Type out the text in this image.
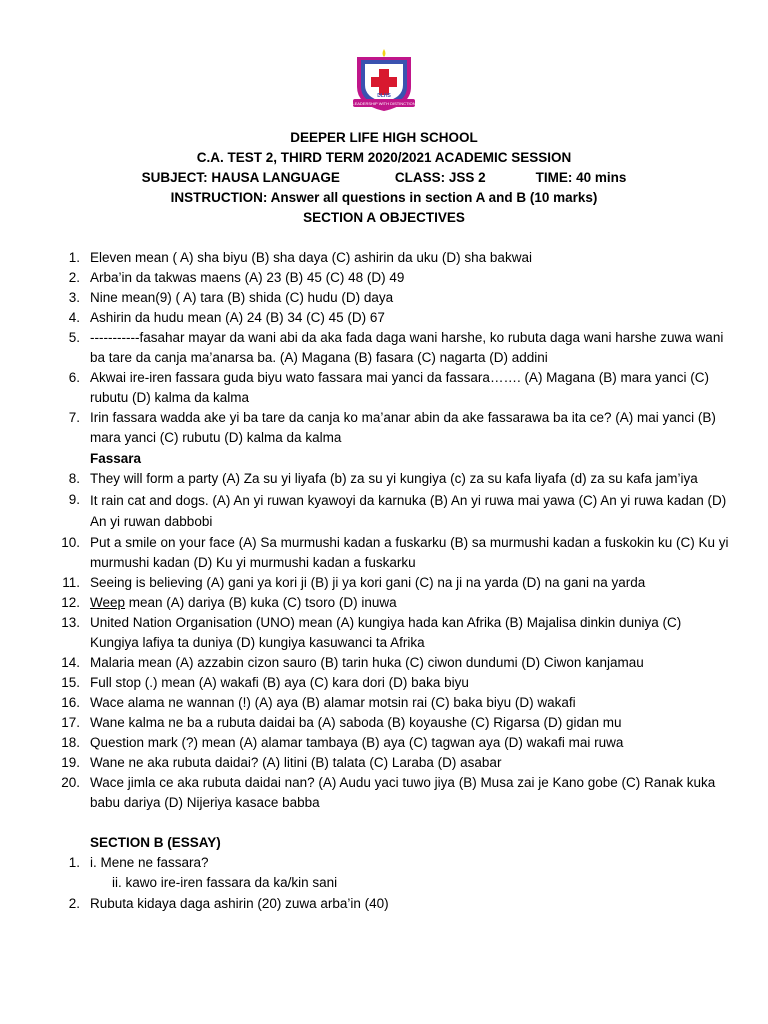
LEADERSHIP WITH DISTINCTION
DLHS
DEEPER LIFE HIGH SCHOOL
C.A. TEST 2, THIRD TERM 2020/2021 ACADEMIC SESSION
SUBJECT: HAUSA LANGUAGE	CLASS: JSS 2	TIME: 40 mins
INSTRUCTION: Answer all questions in section A and B (10 marks)
SECTION A OBJECTIVES
1. Eleven mean ( A) sha biyu (B) sha daya (C) ashirin da uku (D) sha bakwai
2. Arba’in da takwas maens (A) 23 (B) 45 (C) 48 (D) 49
3. Nine mean(9) ( A) tara (B) shida (C) hudu (D) daya
4. Ashirin da hudu mean (A) 24 (B) 34 (C) 45 (D) 67
5. -----------fasahar mayar da wani abi da aka fada daga wani harshe, ko rubuta daga wani harshe zuwa wani ba tare da canja ma’anarsa ba. (A) Magana (B) fasara (C) nagarta (D) addini
6. Akwai ire-iren fassara guda biyu wato fassara mai yanci da fassara……. (A) Magana (B) mara yanci (C) rubutu (D) kalma da kalma
7. Irin fassara wadda ake yi ba tare da canja ko ma’anar abin da ake fassarawa ba ita ce? (A) mai yanci (B) mara yanci (C) rubutu (D) kalma da kalma
Fassara
8. They will form a party (A) Za su yi liyafa (b) za su yi kungiya (c) za su kafa liyafa (d) za su kafa jam’iya
9. It rain cat and dogs. (A) An yi ruwan kyawoyi da karnuka (B) An yi ruwa mai yawa (C) An yi ruwa kadan (D) An yi ruwan dabbobi
10. Put a smile on your face (A) Sa murmushi kadan a fuskarku (B) sa murmushi kadan a fuskokin ku (C) Ku yi murmushi kadan (D) Ku yi murmushi kadan a fuskarku
11. Seeing is believing (A) gani ya kori ji (B) ji ya kori gani (C) na ji na yarda (D) na gani na yarda
12. Weep mean (A) dariya (B) kuka (C) tsoro (D) inuwa
13. United Nation Organisation (UNO) mean (A) kungiya hada kan Afrika (B) Majalisa dinkin duniya (C) Kungiya lafiya ta duniya (D) kungiya kasuwanci ta Afrika
14. Malaria mean (A) azzabin cizon sauro (B) tarin huka (C) ciwon dundumi (D) Ciwon kanjamau
15. Full stop (.) mean (A) wakafi (B) aya (C) kara dori (D) baka biyu
16. Wace alama ne wannan (!) (A) aya (B) alamar motsin rai (C) baka biyu (D) wakafi
17. Wane kalma ne ba a rubuta daidai ba (A) saboda (B) koyaushe (C) Rigarsa (D) gidan mu
18. Question mark (?) mean (A) alamar tambaya (B) aya (C) tagwan aya (D) wakafi mai ruwa
19. Wane ne aka rubuta daidai? (A) litini (B) talata (C) Laraba (D) asabar
20. Wace jimla ce aka rubuta daidai nan? (A) Audu yaci tuwo jiya (B) Musa zai je Kano gobe (C) Ranak kuka babu dariya (D) Nijeriya kasace babba
SECTION B (ESSAY)
1. i. Mene ne fassara?
ii. kawo ire-iren fassara da ka/kin sani
2. Rubuta kidaya daga ashirin (20) zuwa arba’in (40)
